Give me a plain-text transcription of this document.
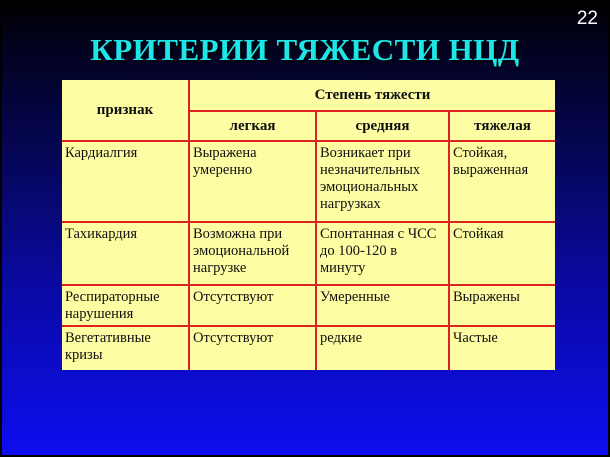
22
КРИТЕРИИ ТЯЖЕСТИ НЦД
признак	Степень тяжести		
	легкая	средняя	тяжелая
Кардиалгия	Выражена умеренно	Возникает при незначительных эмоциональных нагрузках	Стойкая, выраженная
Тахикардия	Возможна при эмоциональной нагрузке	Спонтанная с ЧСС до 100-120 в минуту	Стойкая
Респираторные нарушения	Отсутствуют	Умеренные	Выражены
Вегетативные кризы	Отсутствуют	редкие	Частые
